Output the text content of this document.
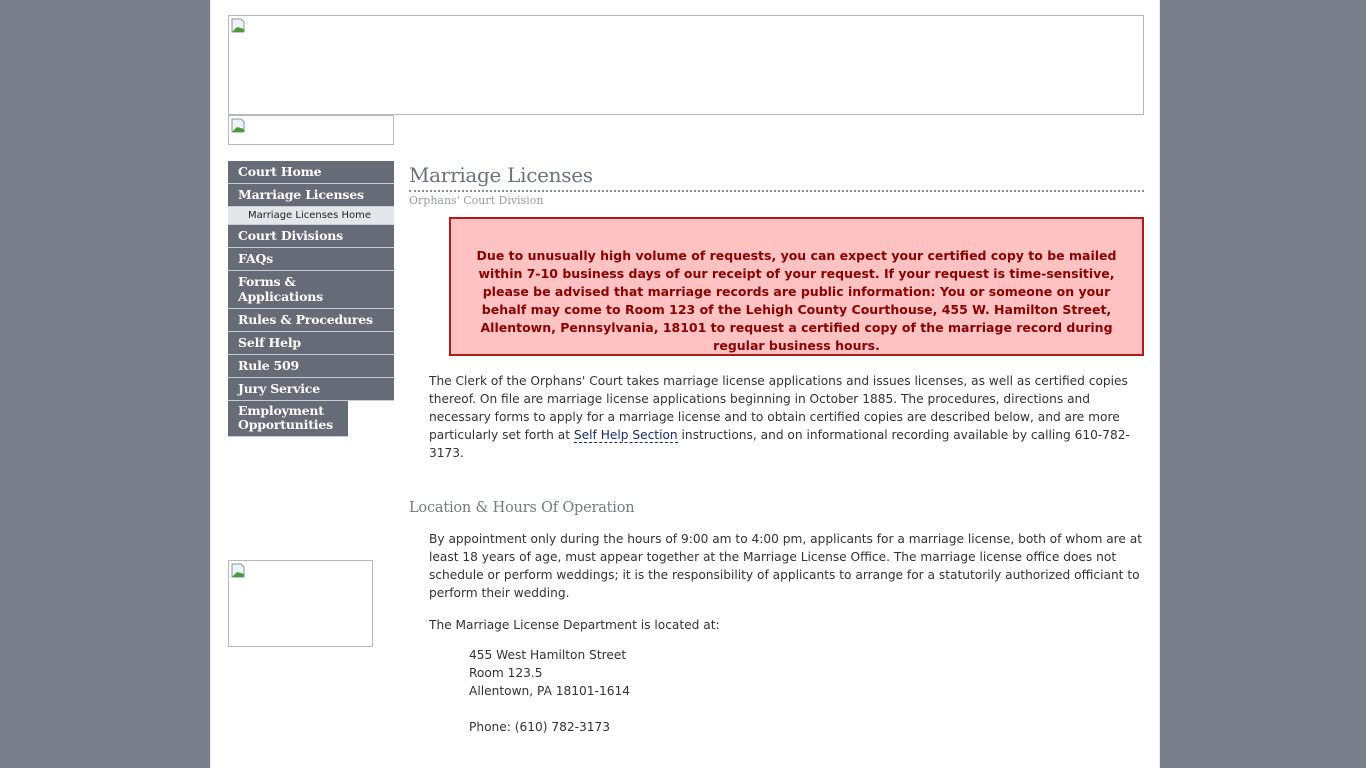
Court Home
Marriage Licenses
Marriage Licenses Home
Court Divisions
FAQs
Forms & Applications
Rules & Procedures
Self Help
Rule 509
Jury Service
Employment Opportunities
Marriage Licenses
Orphans' Court Division
Due to unusually high volume of requests, you can expect your certified copy to be mailed within 7-10 business days of our receipt of your request. If your request is time-sensitive, please be advised that marriage records are public information: You or someone on your behalf may come to Room 123 of the Lehigh County Courthouse, 455 W. Hamilton Street, Allentown, Pennsylvania, 18101 to request a certified copy of the marriage record during regular business hours.

The Clerk of the Orphans' Court takes marriage license applications and issues licenses, as well as certified copies thereof. On file are marriage license applications beginning in October 1885. The procedures, directions and necessary forms to apply for a marriage license and to obtain certified copies are described below, and are more particularly set forth at Self Help Section instructions, and on informational recording available by calling 610-782-3173.

Location & Hours Of Operation

By appointment only during the hours of 9:00 am to 4:00 pm, applicants for a marriage license, both of whom are at least 18 years of age, must appear together at the Marriage License Office. The marriage license office does not schedule or perform weddings; it is the responsibility of applicants to arrange for a statutorily authorized officiant to perform their wedding.

The Marriage License Department is located at:

455 West Hamilton Street
Room 123.5
Allentown, PA 18101-1614
Phone: (610) 782-3173
